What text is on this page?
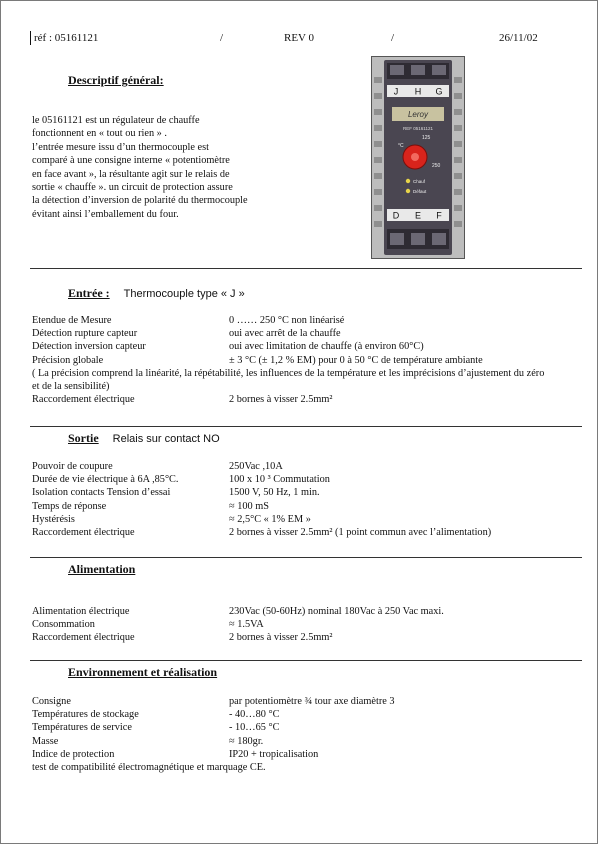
réf : 05161121	/	REV 0	/	26/11/02
Descriptif général:
le 05161121 est un régulateur de chauffe
fonctionnent en « tout ou rien » .
l’entrée mesure issu d’un thermocouple est
comparé à une consigne interne « potentiomètre
en face avant », la résultante agit sur le relais de
sortie « chauffe ». un circuit de protection assure
la détection d’inversion de polarité du thermocouple
évitant ainsi l’emballement du four.
J H G
Leroy
REF 05161121
125
°C
250
Chauf
Défaut
D E F
Entrée : Thermocouple type « J »
Etendue de Mesure	0 …… 250 °C non linéarisé
Détection rupture capteur	oui avec arrêt de la chauffe
Détection inversion capteur	oui avec limitation de chauffe (à environ 60°C)
Précision globale	± 3 °C (± 1,2 % EM) pour 0 à 50 °C de température ambiante
( La précision comprend la linéarité, la répétabilité, les influences de la température et les imprécisions d’ajustement du zéro et de la sensibilité)
Raccordement électrique	2 bornes à visser 2.5mm²
Sortie Relais sur contact NO
Pouvoir de coupure	250Vac ,10A
Durée de vie électrique à 6A ,85°C.	100 x 10 ³ Commutation
Isolation contacts Tension d’essai	1500 V, 50 Hz, 1 min.
Temps de réponse	≈ 100 mS
Hystérésis	≈ 2,5°C « 1% EM »
Raccordement électrique	2 bornes à visser 2.5mm² (1 point commun avec l’alimentation)
Alimentation
Alimentation électrique	230Vac (50-60Hz) nominal 180Vac à 250 Vac maxi.
Consommation	≈ 1.5VA
Raccordement électrique	2 bornes à visser 2.5mm²
Environnement et réalisation
Consigne	par potentiomètre ¾ tour axe diamètre 3
Températures de stockage	- 40…80 °C
Températures de service	- 10…65 °C
Masse	≈ 180gr.
Indice de protection	IP20 + tropicalisation
test de compatibilité électromagnétique et marquage CE.
